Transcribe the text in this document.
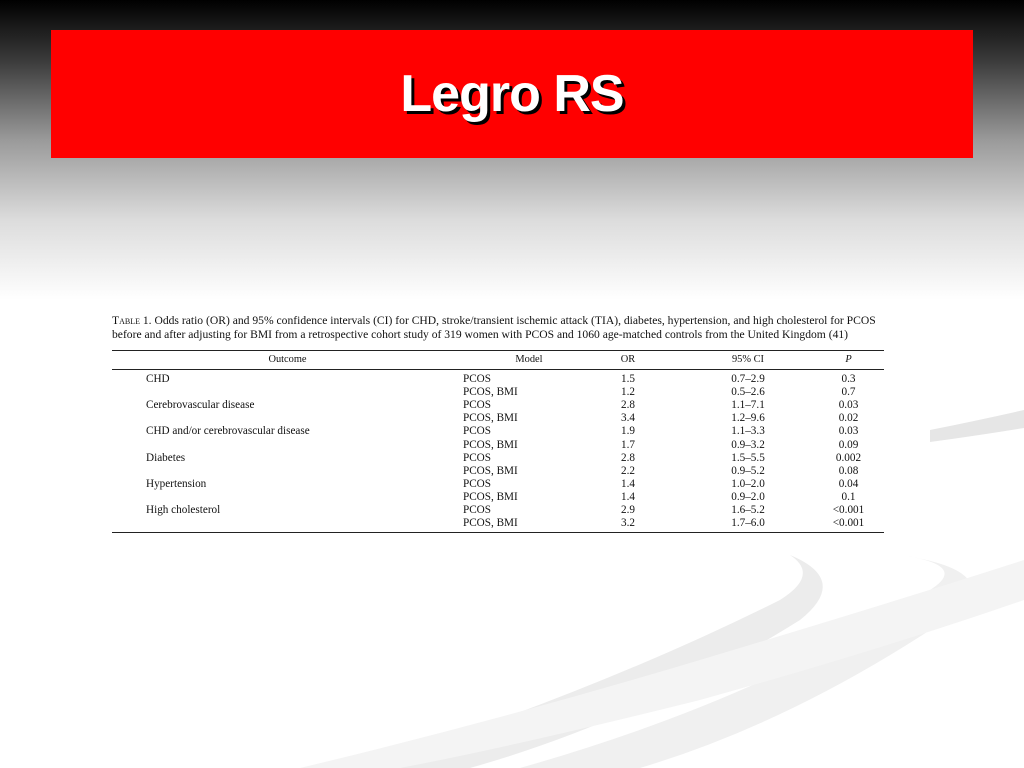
Legro RS

Table 1. Odds ratio (OR) and 95% confidence intervals (CI) for CHD, stroke/transient ischemic attack (TIA), diabetes, hypertension, and high cholesterol for PCOS before and after adjusting for BMI from a retrospective cohort study of 319 women with PCOS and 1060 age-matched controls from the United Kingdom (41)

Outcome	Model	OR	95% CI	P
CHD	PCOS	1.5	0.7–2.9	0.3
	PCOS, BMI	1.2	0.5–2.6	0.7
Cerebrovascular disease	PCOS	2.8	1.1–7.1	0.03
	PCOS, BMI	3.4	1.2–9.6	0.02
CHD and/or cerebrovascular disease	PCOS	1.9	1.1–3.3	0.03
	PCOS, BMI	1.7	0.9–3.2	0.09
Diabetes	PCOS	2.8	1.5–5.5	0.002
	PCOS, BMI	2.2	0.9–5.2	0.08
Hypertension	PCOS	1.4	1.0–2.0	0.04
	PCOS, BMI	1.4	0.9–2.0	0.1
High cholesterol	PCOS	2.9	1.6–5.2	<0.001
	PCOS, BMI	3.2	1.7–6.0	<0.001
